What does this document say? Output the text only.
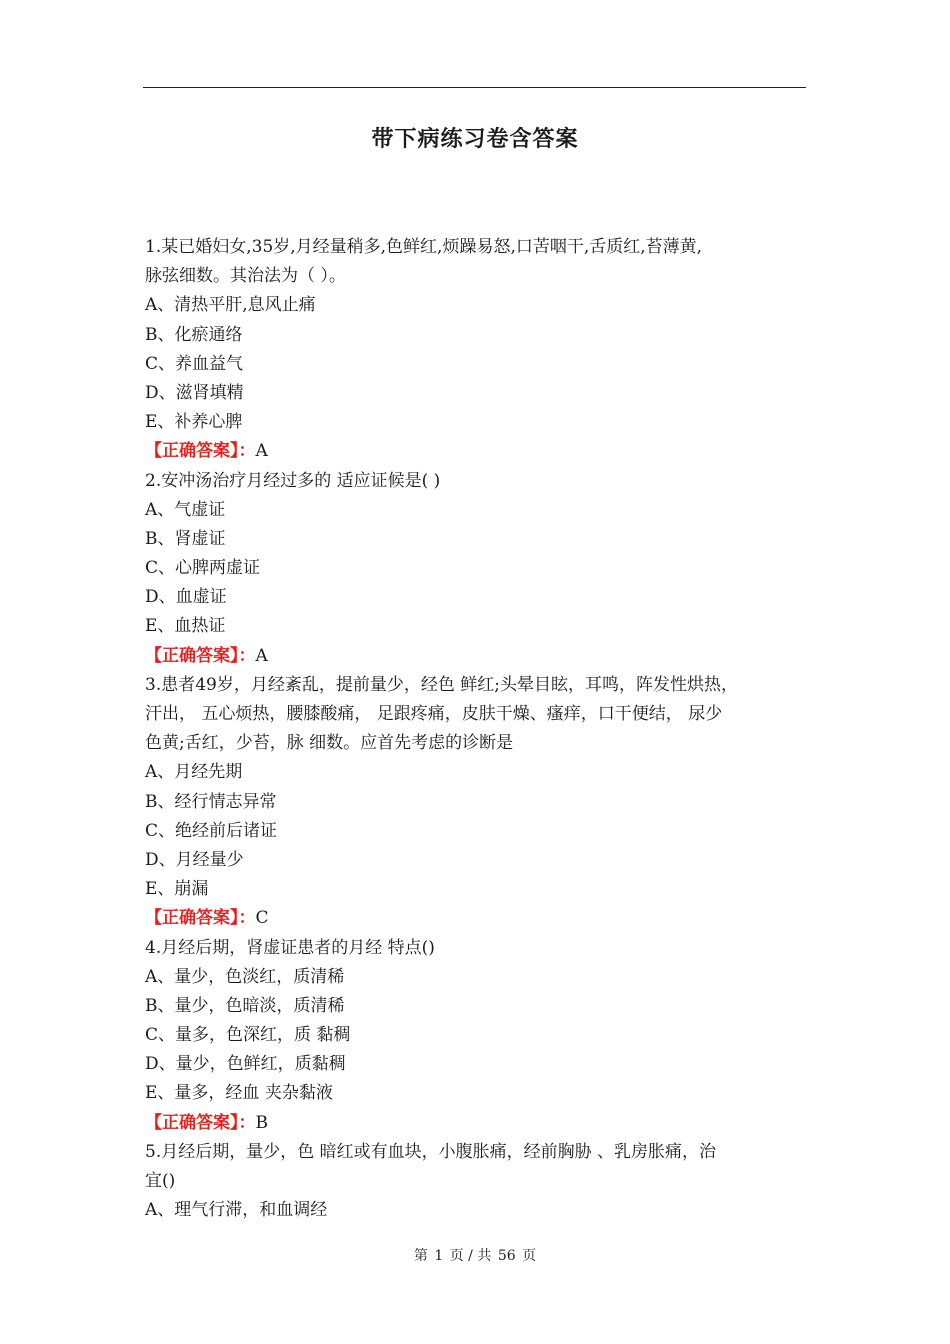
带下病练习卷含答案
1.某已婚妇女,35岁,月经量稍多,色鲜红,烦躁易怒,口苦咽干,舌质红,苔薄黄,
脉弦细数。其治法为（ ）。
A、清热平肝,息风止痛
B、化瘀通络
C、养血益气
D、滋肾填精
E、补养心脾
【正确答案】：A
2.安冲汤治疗月经过多的 适应证候是( )
A、气虚证
B、肾虚证
C、心脾两虚证
D、血虚证
E、血热证
【正确答案】：A
3.患者49岁，月经紊乱，提前量少，经色 鲜红;头晕目眩，耳鸣，阵发性烘热，
汗出， 五心烦热，腰膝酸痛， 足跟疼痛，皮肤干燥、瘙痒，口干便结， 尿少
色黄;舌红，少苔，脉 细数。应首先考虑的诊断是
A、月经先期
B、经行情志异常
C、绝经前后诸证
D、月经量少
E、崩漏
【正确答案】：C
4.月经后期，肾虚证患者的月经 特点()
A、量少，色淡红，质清稀
B、量少，色暗淡，质清稀
C、量多，色深红，质 黏稠
D、量少，色鲜红，质黏稠
E、量多，经血 夹杂黏液
【正确答案】：B
5.月经后期，量少，色 暗红或有血块，小腹胀痛，经前胸胁 、乳房胀痛，治
宜()
A、理气行滞，和血调经
第 1 页 / 共 56 页
